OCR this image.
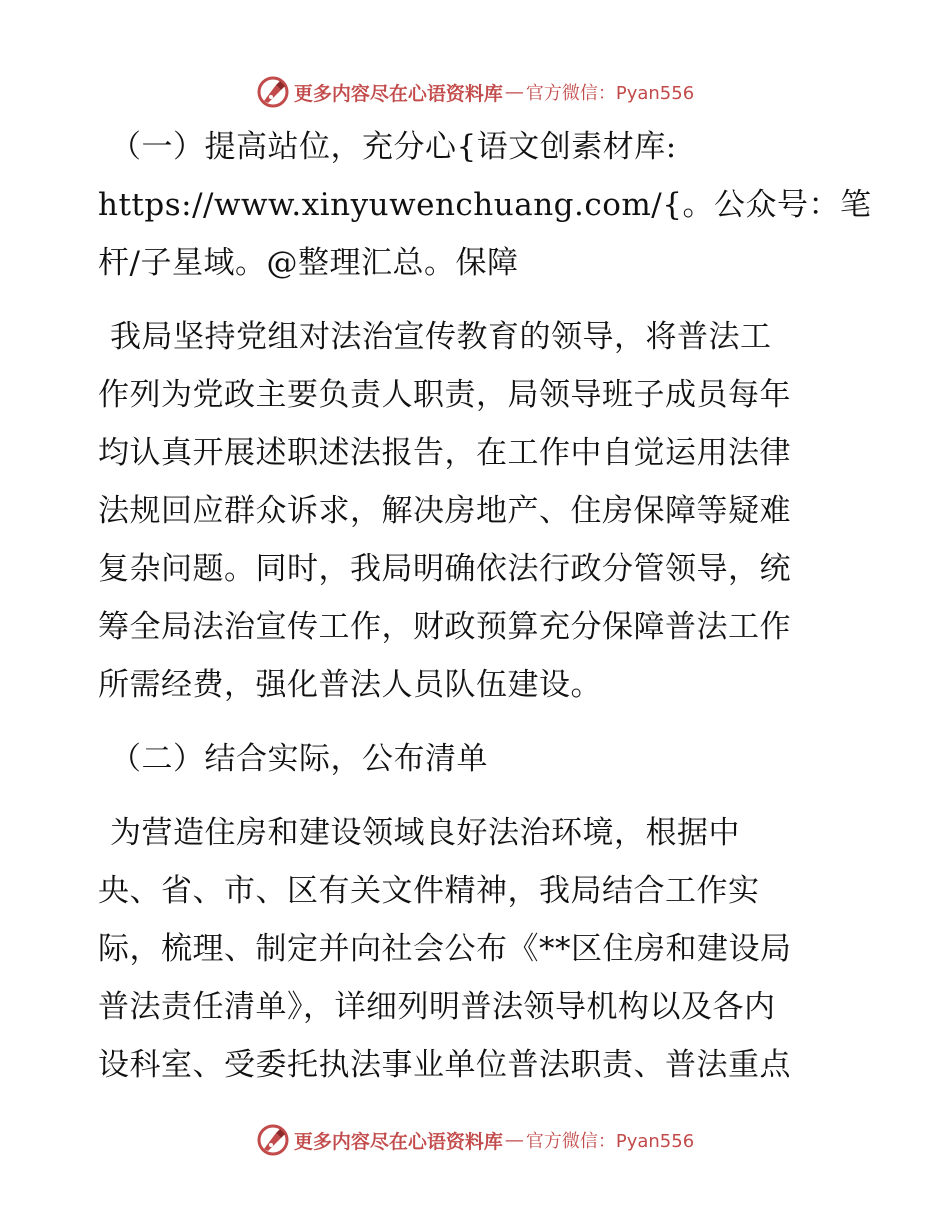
更多内容尽在心语资料库 — 官方微信：Pyan556
（一）提高站位，充分心{语文创素材库:
https://www.xinyuwenchuang.com/{。公众号：笔
杆/子星域。@整理汇总。保障
我局坚持党组对法治宣传教育的领导，将普法工
作列为党政主要负责人职责，局领导班子成员每年
均认真开展述职述法报告，在工作中自觉运用法律
法规回应群众诉求，解决房地产、住房保障等疑难
复杂问题。同时，我局明确依法行政分管领导，统
筹全局法治宣传工作，财政预算充分保障普法工作
所需经费，强化普法人员队伍建设。
（二）结合实际，公布清单
为营造住房和建设领域良好法治环境，根据中
央、省、市、区有关文件精神，我局结合工作实
际，梳理、制定并向社会公布《**区住房和建设局
普法责任清单》，详细列明普法领导机构以及各内
设科室、受委托执法事业单位普法职责、普法重点
更多内容尽在心语资料库 — 官方微信：Pyan556
